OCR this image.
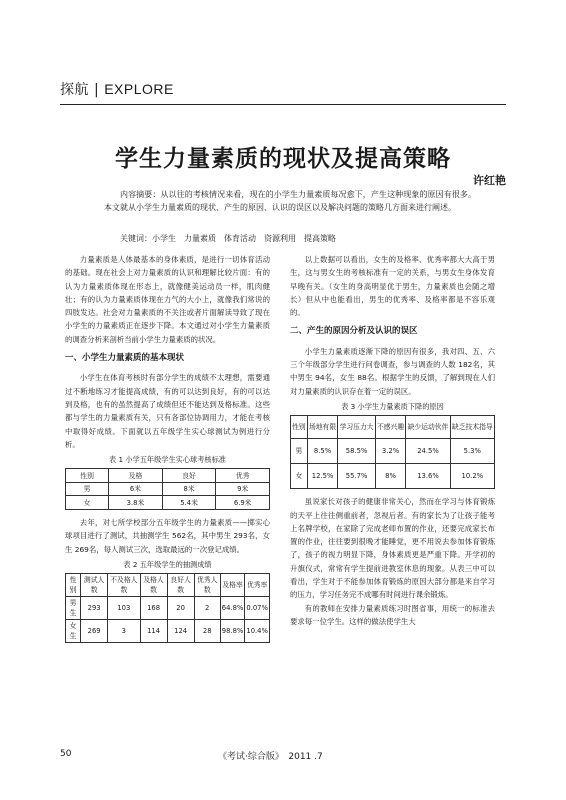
探航 | EXPLORE
学生力量素质的现状及提高策略
许红艳
内容摘要：从以往的考核情况来看，现在的小学生力量素质每况愈下，产生这种现象的原因有很多。本文就从小学生力量素质的现状、产生的原因、认识的误区以及解决问题的策略几方面来进行阐述。
关键词：小学生　力量素质　体育活动　资源利用　提高策略

力量素质是人体最基本的身体素质，是进行一切体育活动的基础。现在社会上对力量素质的认识和理解比较片面：有的认为力量素质体现在形态上，就像健美运动员一样，肌肉健壮；有的认为力量素质体现在力气的大小上，就像我们常说的四肢发达。社会对力量素质的不关注或者片面解读导致了现在小学生的力量素质正在逐步下降。本文通过对小学生力量素质的调查分析来剖析当前小学生力量素质的状况。

一、小学生力量素质的基本现状

小学生在体育考核时有部分学生的成绩不太理想，需要通过不断地练习才能提高成绩，有的可以达到良好，有的可以达到及格，也有的虽然提高了成绩但还不能达到及格标准。这些都与学生的力量素质有关，只有各部位协调用力，才能在考核中取得好成绩。下面就以五年级学生实心球测试为例进行分析。

表 1 小学五年级学生实心球考核标准
性别	及格	良好	优秀
男	6米	8米	9米
女	3.8米	5.4米	6.9米

去年，对七所学校部分五年级学生的力量素质——掷实心球项目进行了测试，共抽测学生 562名，其中男生 293名，女生 269名，每人测试三次，选取最远的一次登记成绩。

表 2 五年级学生的抽测成绩
性别	测试人数	不及格人数	及格人数	良好人数	优秀人数	及格率	优秀率
男生	293	103	168	20	2	64.8%	0.07%
女生	269	3	114	124	28	98.8%	10.4%

以上数据可以看出，女生的及格率、优秀率都大大高于男生，这与男女生的考核标准有一定的关系，与男女生身体发育早晚有关。（女生的身高明显优于男生，力量素质也会随之增长）但从中也能看出，男生的优秀率、及格率都是不容乐观的。

二、产生的原因分析及认识的误区

小学生力量素质逐渐下降的原因有很多，我对四、五、六三个年级部分学生进行问卷调查，参与调查的人数 182名，其中男生 94名，女生 88名。根据学生的反馈，了解到现在人们对力量素质的认识存在着一定的误区。

表 3 小学生力量素质下降的原因
性别	场地有限	学习压力大	不感兴趣	缺少运动伙伴	缺乏技术指导
男	8.5%	58.5%	3.2%	24.5%	5.3%
女	12.5%	55.7%	8%	13.6%	10.2%

虽说家长对孩子的健康非常关心，然而在学习与体育锻炼的天平上往往侧重前者，忽视后者。有的家长为了让孩子能考上名牌学校，在家除了完成老师布置的作业，还要完成家长布置的作业，往往要到很晚才能睡觉，更不用说去参加体育锻炼了，孩子的视力明显下降，身体素质更是严重下降。开学初的升旗仪式，常常有学生提前进教室休息的现象。从表三中可以看出，学生对于不能参加体育锻炼的原因大部分都是来自学习的压力，学习任务完不成哪有时间进行课余锻炼。

有的教师在安排力量素质练习时图省事，用统一的标准去要求每一位学生。这样的做法使学生大

50	《考试·综合版》　2011 .7
